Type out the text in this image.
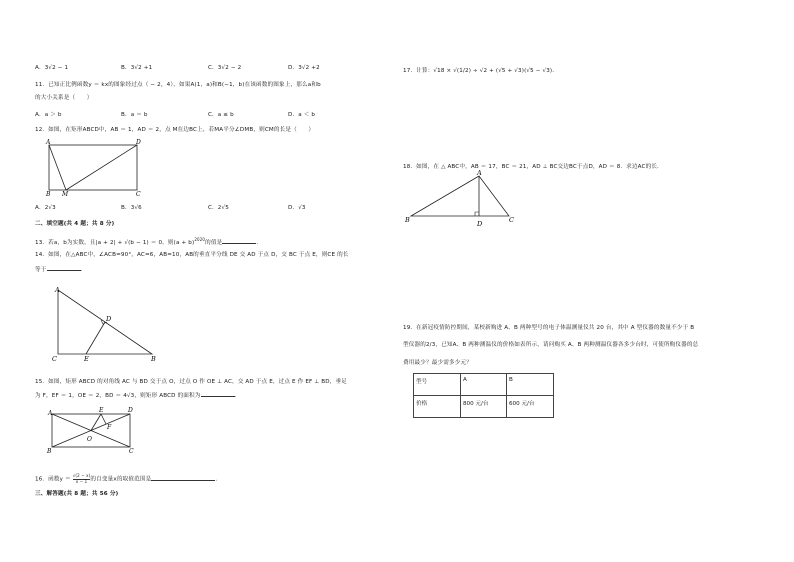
A．3√2 − 1	B．3√2 +1	C．3√2 − 2	D．3√2 +2
11．已知正比例函数y ＝ kx的图象经过点（ − 2，4），如果A(1，a)和B(−1，b)在该函数的图象上，那么a和b
的大小关系是（　　）
A．a ＞ b	B．a ＝ b	C．a ≤ b	D．a ＜ b
12．如图，在矩形ABCD中，AB ＝ 1，AD ＝ 2，点 M在边BC上，若MA平分∠DMB，则CM的长是（　　）
A	D
B M	C
A．2√3	B．3√6	C．2√5	D．√3
二、填空题(共 4 题；共 8 分)
13．若a，b为实数，且|a + 2| + √(b − 1) ＝ 0，则$(a + b)^{2020}$的值是	.
14．如图，在△ABC中，∠ACB=90°，AC=6，AB=10，AB的垂直平分线 DE 交 AD 于点 D，交 BC 于点 E，则CE 的长
等于	.
A
D
C	E	B
15．如图，矩形 ABCD 的对角线 AC 与 BD 交于点 O，过点 O 作 OE ⊥ AC，交 AD 于点 E，过点 E 作 EF ⊥ BD，垂足
为 F，EF ＝ 1，OE ＝ 2，BD ＝ 4√3，则矩形 ABCD 的面积为	.
A	E	D
F
O
B	C
16．函数$y = \frac{√(2 - x)}{x - 1}$ 的自变量x的取值范围是	.
三、解答题(共 8 题；共 56 分)
17．计算：√18 × √(1/2) ÷ √2 + (√5 + √3)(√5 − √3)．
18．如图，在 △ ABC中，AB ＝ 17，BC ＝ 21，AD ⊥ BC交边BC于点D，AD ＝ 8．求边AC的长．
A
B	D	C
19．在新冠疫情防控期间，某校新购进 A、B 两种型号的电子体温测量仪共 20 台，其中 A 型仪器的数量不少于 B
型仪器的2/3，已知A、B 两种测温仪的价格如表所示，请问购买 A、B 两种测温仪器各多少台时，可使所购仪器的总
费用最少？最少需多少元？
型号	A	B
价格	800 元/台	600 元/台
